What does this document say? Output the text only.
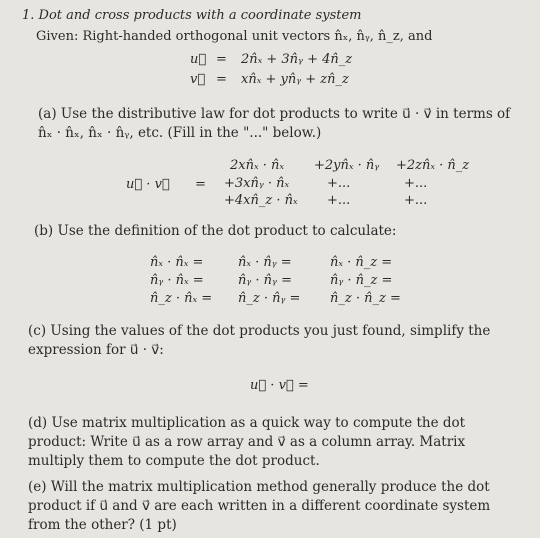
1. Dot and cross products with a coordinate system
Given: Right-handed orthogonal unit vectors n̂ₓ, n̂ᵧ, n̂_z, and
u⃗ = 2n̂ₓ + 3n̂ᵧ + 4n̂_z
v⃗ = xn̂ₓ + yn̂ᵧ + zn̂_z
(a) Use the distributive law for dot products to write u⃗ · v⃗ in terms of n̂ₓ · n̂ₓ, n̂ₓ · n̂ᵧ, etc. (Fill in the "..." below.)
u⃗ · v⃗ =
2xn̂ₓ · n̂ₓ +2yn̂ₓ · n̂ᵧ +2zn̂ₓ · n̂_z
+3xn̂ᵧ · n̂ₓ	+...	+...
+4xn̂_z · n̂ₓ +...	+...
(b) Use the definition of the dot product to calculate:
n̂ₓ · n̂ₓ =	n̂ₓ · n̂ᵧ =	n̂ₓ · n̂_z =
n̂ᵧ · n̂ₓ =	n̂ᵧ · n̂ᵧ =	n̂ᵧ · n̂_z =
n̂_z · n̂ₓ = n̂_z · n̂ᵧ = n̂_z · n̂_z =
(c) Using the values of the dot products you just found, simplify the expression for u⃗ · v⃗:
u⃗ · v⃗ =
(d) Use matrix multiplication as a quick way to compute the dot product: Write u⃗ as a row array and v⃗ as a column array. Matrix multiply them to compute the dot product.
(e) Will the matrix multiplication method generally produce the dot product if u⃗ and v⃗ are each written in a different coordinate system from the other? (1 pt)
